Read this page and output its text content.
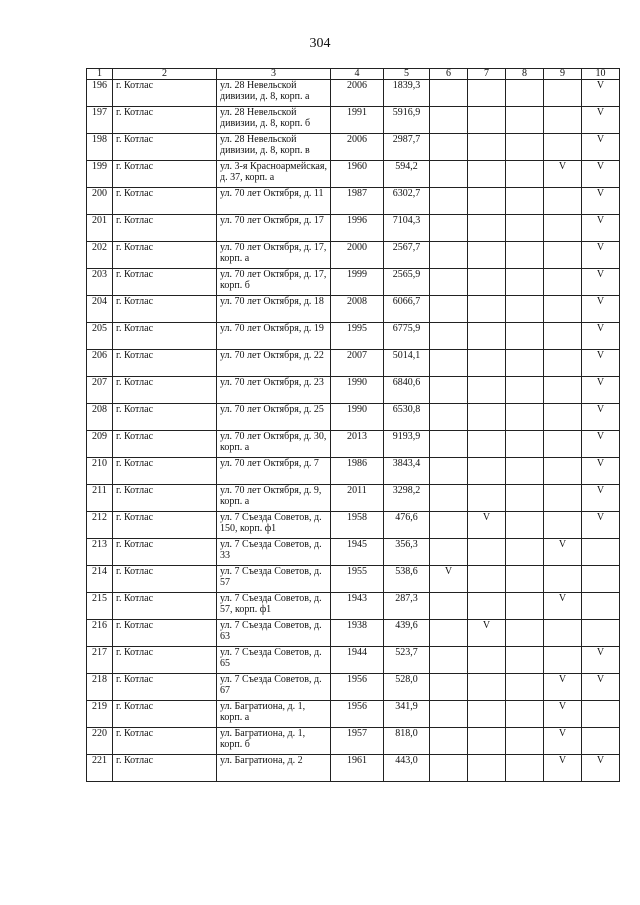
304
1	2	3	4	5	6	7	8	9	10
196	г. Котлас	ул. 28 Невельской дивизии, д. 8, корп. а	2006	1839,3					V
197	г. Котлас	ул. 28 Невельской дивизии, д. 8, корп. б	1991	5916,9					V
198	г. Котлас	ул. 28 Невельской дивизии, д. 8, корп. в	2006	2987,7					V
199	г. Котлас	ул. 3-я Красноармейская, д. 37, корп. а	1960	594,2				V	V
200	г. Котлас	ул. 70 лет Октября, д. 11	1987	6302,7					V
201	г. Котлас	ул. 70 лет Октября, д. 17	1996	7104,3					V
202	г. Котлас	ул. 70 лет Октября, д. 17, корп. а	2000	2567,7					V
203	г. Котлас	ул. 70 лет Октября, д. 17, корп. б	1999	2565,9					V
204	г. Котлас	ул. 70 лет Октября, д. 18	2008	6066,7					V
205	г. Котлас	ул. 70 лет Октября, д. 19	1995	6775,9					V
206	г. Котлас	ул. 70 лет Октября, д. 22	2007	5014,1					V
207	г. Котлас	ул. 70 лет Октября, д. 23	1990	6840,6					V
208	г. Котлас	ул. 70 лет Октября, д. 25	1990	6530,8					V
209	г. Котлас	ул. 70 лет Октября, д. 30, корп. а	2013	9193,9					V
210	г. Котлас	ул. 70 лет Октября, д. 7	1986	3843,4					V
211	г. Котлас	ул. 70 лет Октября, д. 9, корп. а	2011	3298,2					V
212	г. Котлас	ул. 7 Съезда Советов, д. 150, корп. ф1	1958	476,6		V			V
213	г. Котлас	ул. 7 Съезда Советов, д. 33	1945	356,3				V	
214	г. Котлас	ул. 7 Съезда Советов, д. 57	1955	538,6	V				
215	г. Котлас	ул. 7 Съезда Советов, д. 57, корп. ф1	1943	287,3				V	
216	г. Котлас	ул. 7 Съезда Советов, д. 63	1938	439,6		V			
217	г. Котлас	ул. 7 Съезда Советов, д. 65	1944	523,7					V
218	г. Котлас	ул. 7 Съезда Советов, д. 67	1956	528,0				V	V
219	г. Котлас	ул. Багратиона, д. 1, корп. а	1956	341,9				V	
220	г. Котлас	ул. Багратиона, д. 1, корп. б	1957	818,0				V	
221	г. Котлас	ул. Багратиона, д. 2	1961	443,0				V	V
